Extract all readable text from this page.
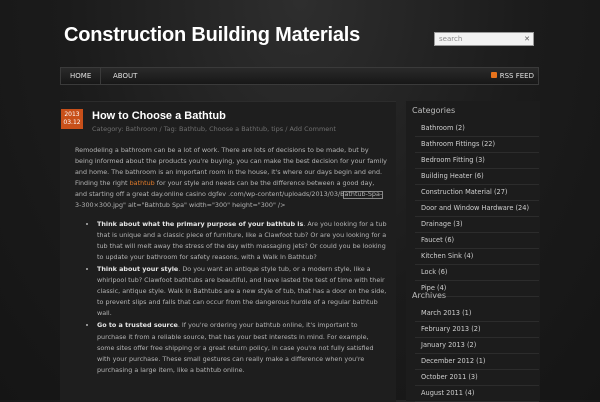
Construction Building Materials
search	✕
HOME	ABOUT	RSS FEED
2013
03.12
How to Choose a Bathtub
Category: Bathroom / Tag: Bathtub, Choose a Bathtub, tips / Add Comment

Remodeling a bathroom can be a lot of work. There are lots of decisions to be made, but by being informed about the products you're buying, you can make the best decision for your family and home. The bathroom is an important room in the house, it's where our days begin and end. Finding the right bathtub for your style and needs can be the difference between a good day, and starting off a great day.online casino dgfev .com/wp-content/uploads/2013/03/Bathtub-Spa-3-300×300.jpg" alt="Bathtub Spa" width="300" height="300" />

• Think about what the primary purpose of your bathtub is. Are you looking for a tub that is unique and a classic piece of furniture, like a Clawfoot tub? Or are you looking for a tub that will melt away the stress of the day with massaging jets? Or could you be looking to update your bathroom for safety reasons, with a Walk In Bathtub?
• Think about your style. Do you want an antique style tub, or a modern style, like a whirlpool tub? Clawfoot bathtubs are beautiful, and have lasted the test of time with their classic, antique style. Walk In Bathtubs are a new style of tub, that has a door on the side, to prevent slips and falls that can occur from the dangerous hurdle of a regular bathtub wall.
• Go to a trusted source. If you're ordering your bathtub online, it's important to purchase it from a reliable source, that has your best interests in mind. For example, some sites offer free shipping or a great return policy, in case you're not fully satisfied with your purchase. These small gestures can really make a difference when you're purchasing a large item, like a bathtub online.
Categories
Bathroom (2)
Bathroom Fittings (22)
Bedroom Fitting (3)
Building Heater (6)
Construction Material (27)
Door and Window Hardware (24)
Drainage (3)
Faucet (6)
Kitchen Sink (4)
Lock (6)
Pipe (4)
Archives
March 2013 (1)
February 2013 (2)
January 2013 (2)
December 2012 (1)
October 2011 (3)
August 2011 (4)
